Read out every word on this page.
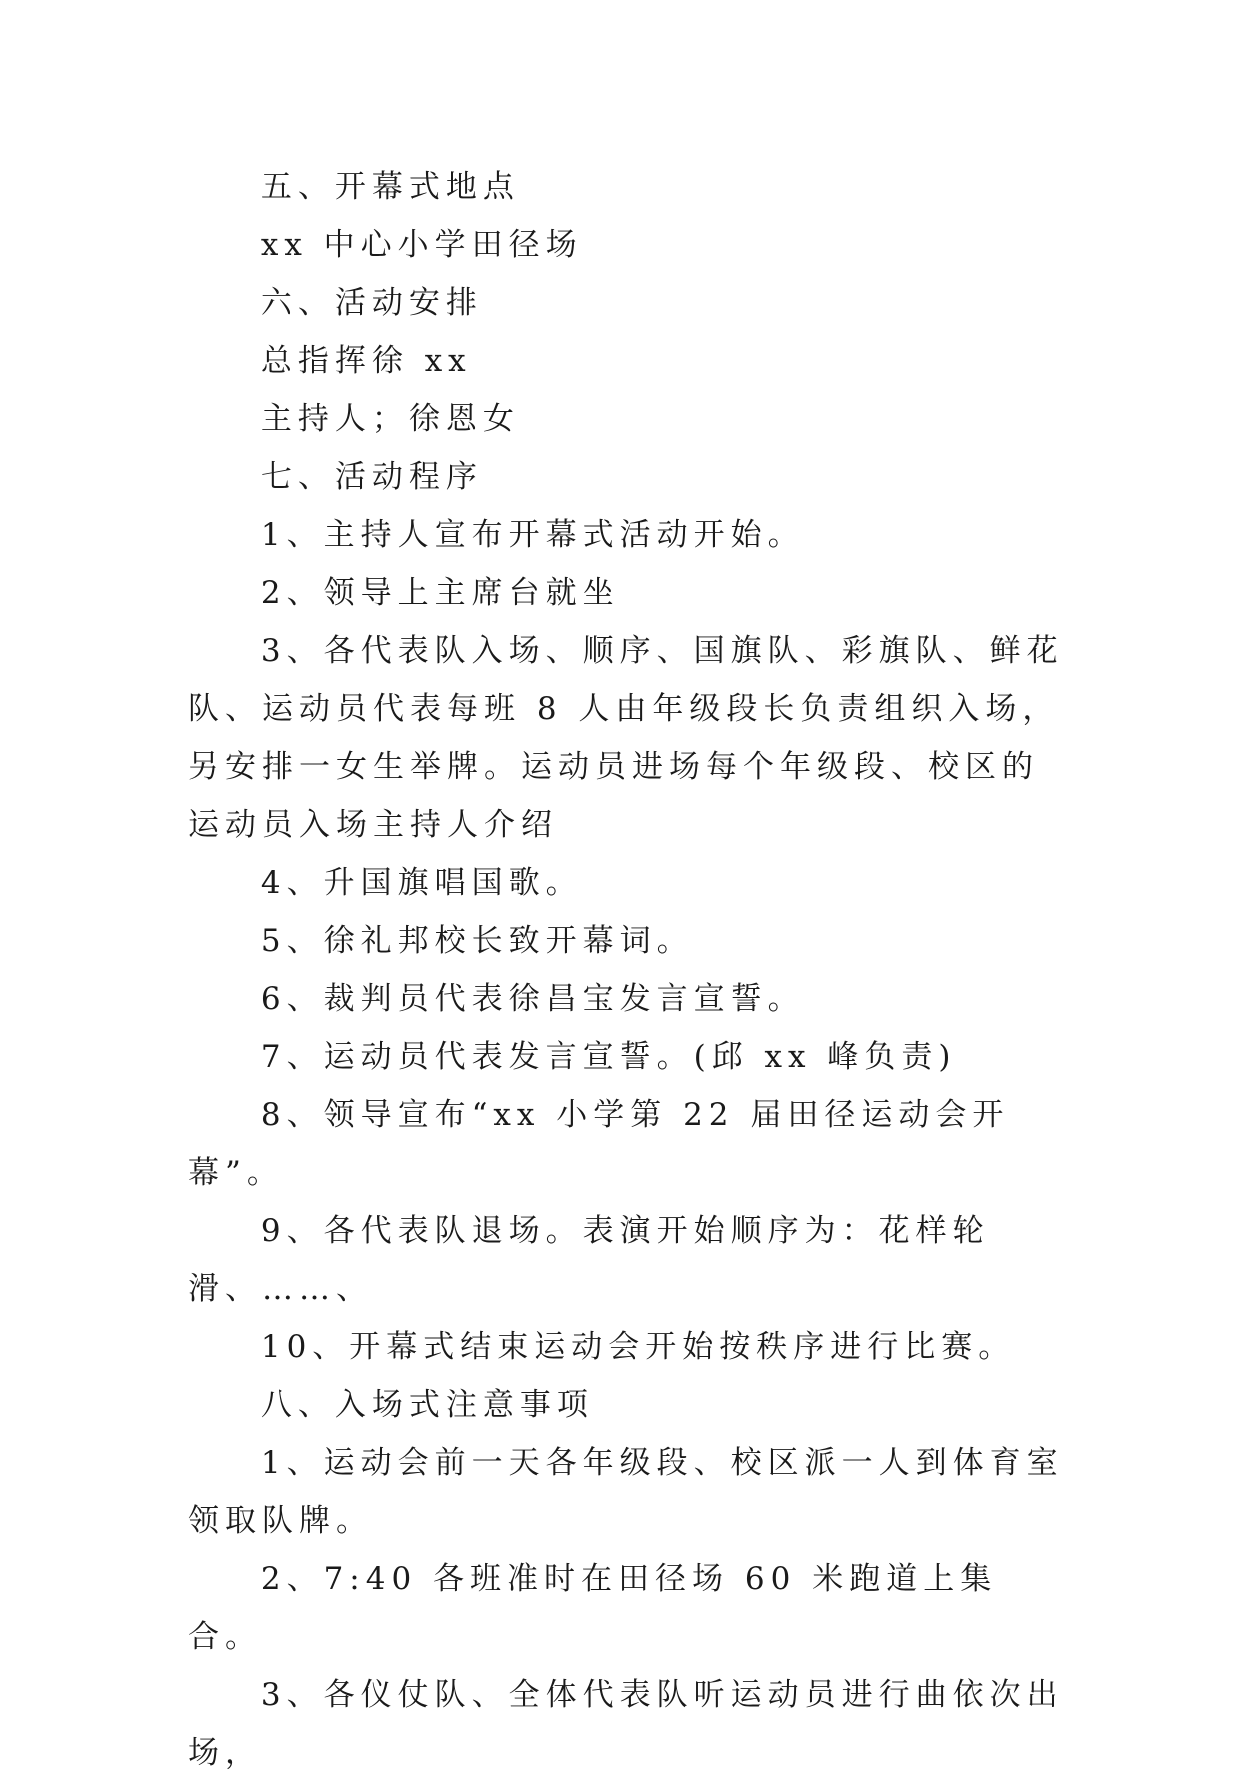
五、开幕式地点

xx 中心小学田径场

六、活动安排

总指挥徐 xx

主持人；徐恩女

七、活动程序

1、主持人宣布开幕式活动开始。

2、领导上主席台就坐

3、各代表队入场、顺序、国旗队、彩旗队、鲜花队、运动员代表每班 8 人由年级段长负责组织入场，另安排一女生举牌。运动员进场每个年级段、校区的运动员入场主持人介绍

4、升国旗唱国歌。

5、徐礼邦校长致开幕词。

6、裁判员代表徐昌宝发言宣誓。

7、运动员代表发言宣誓。(邱 xx 峰负责)

8、领导宣布“xx 小学第 22 届田径运动会开幕”。

9、各代表队退场。表演开始顺序为：花样轮滑、……、

10、开幕式结束运动会开始按秩序进行比赛。

八、入场式注意事项

1、运动会前一天各年级段、校区派一人到体育室领取队牌。

2、7:40 各班准时在田径场 60 米跑道上集合。

3、各仪仗队、全体代表队听运动员进行曲依次出场，
